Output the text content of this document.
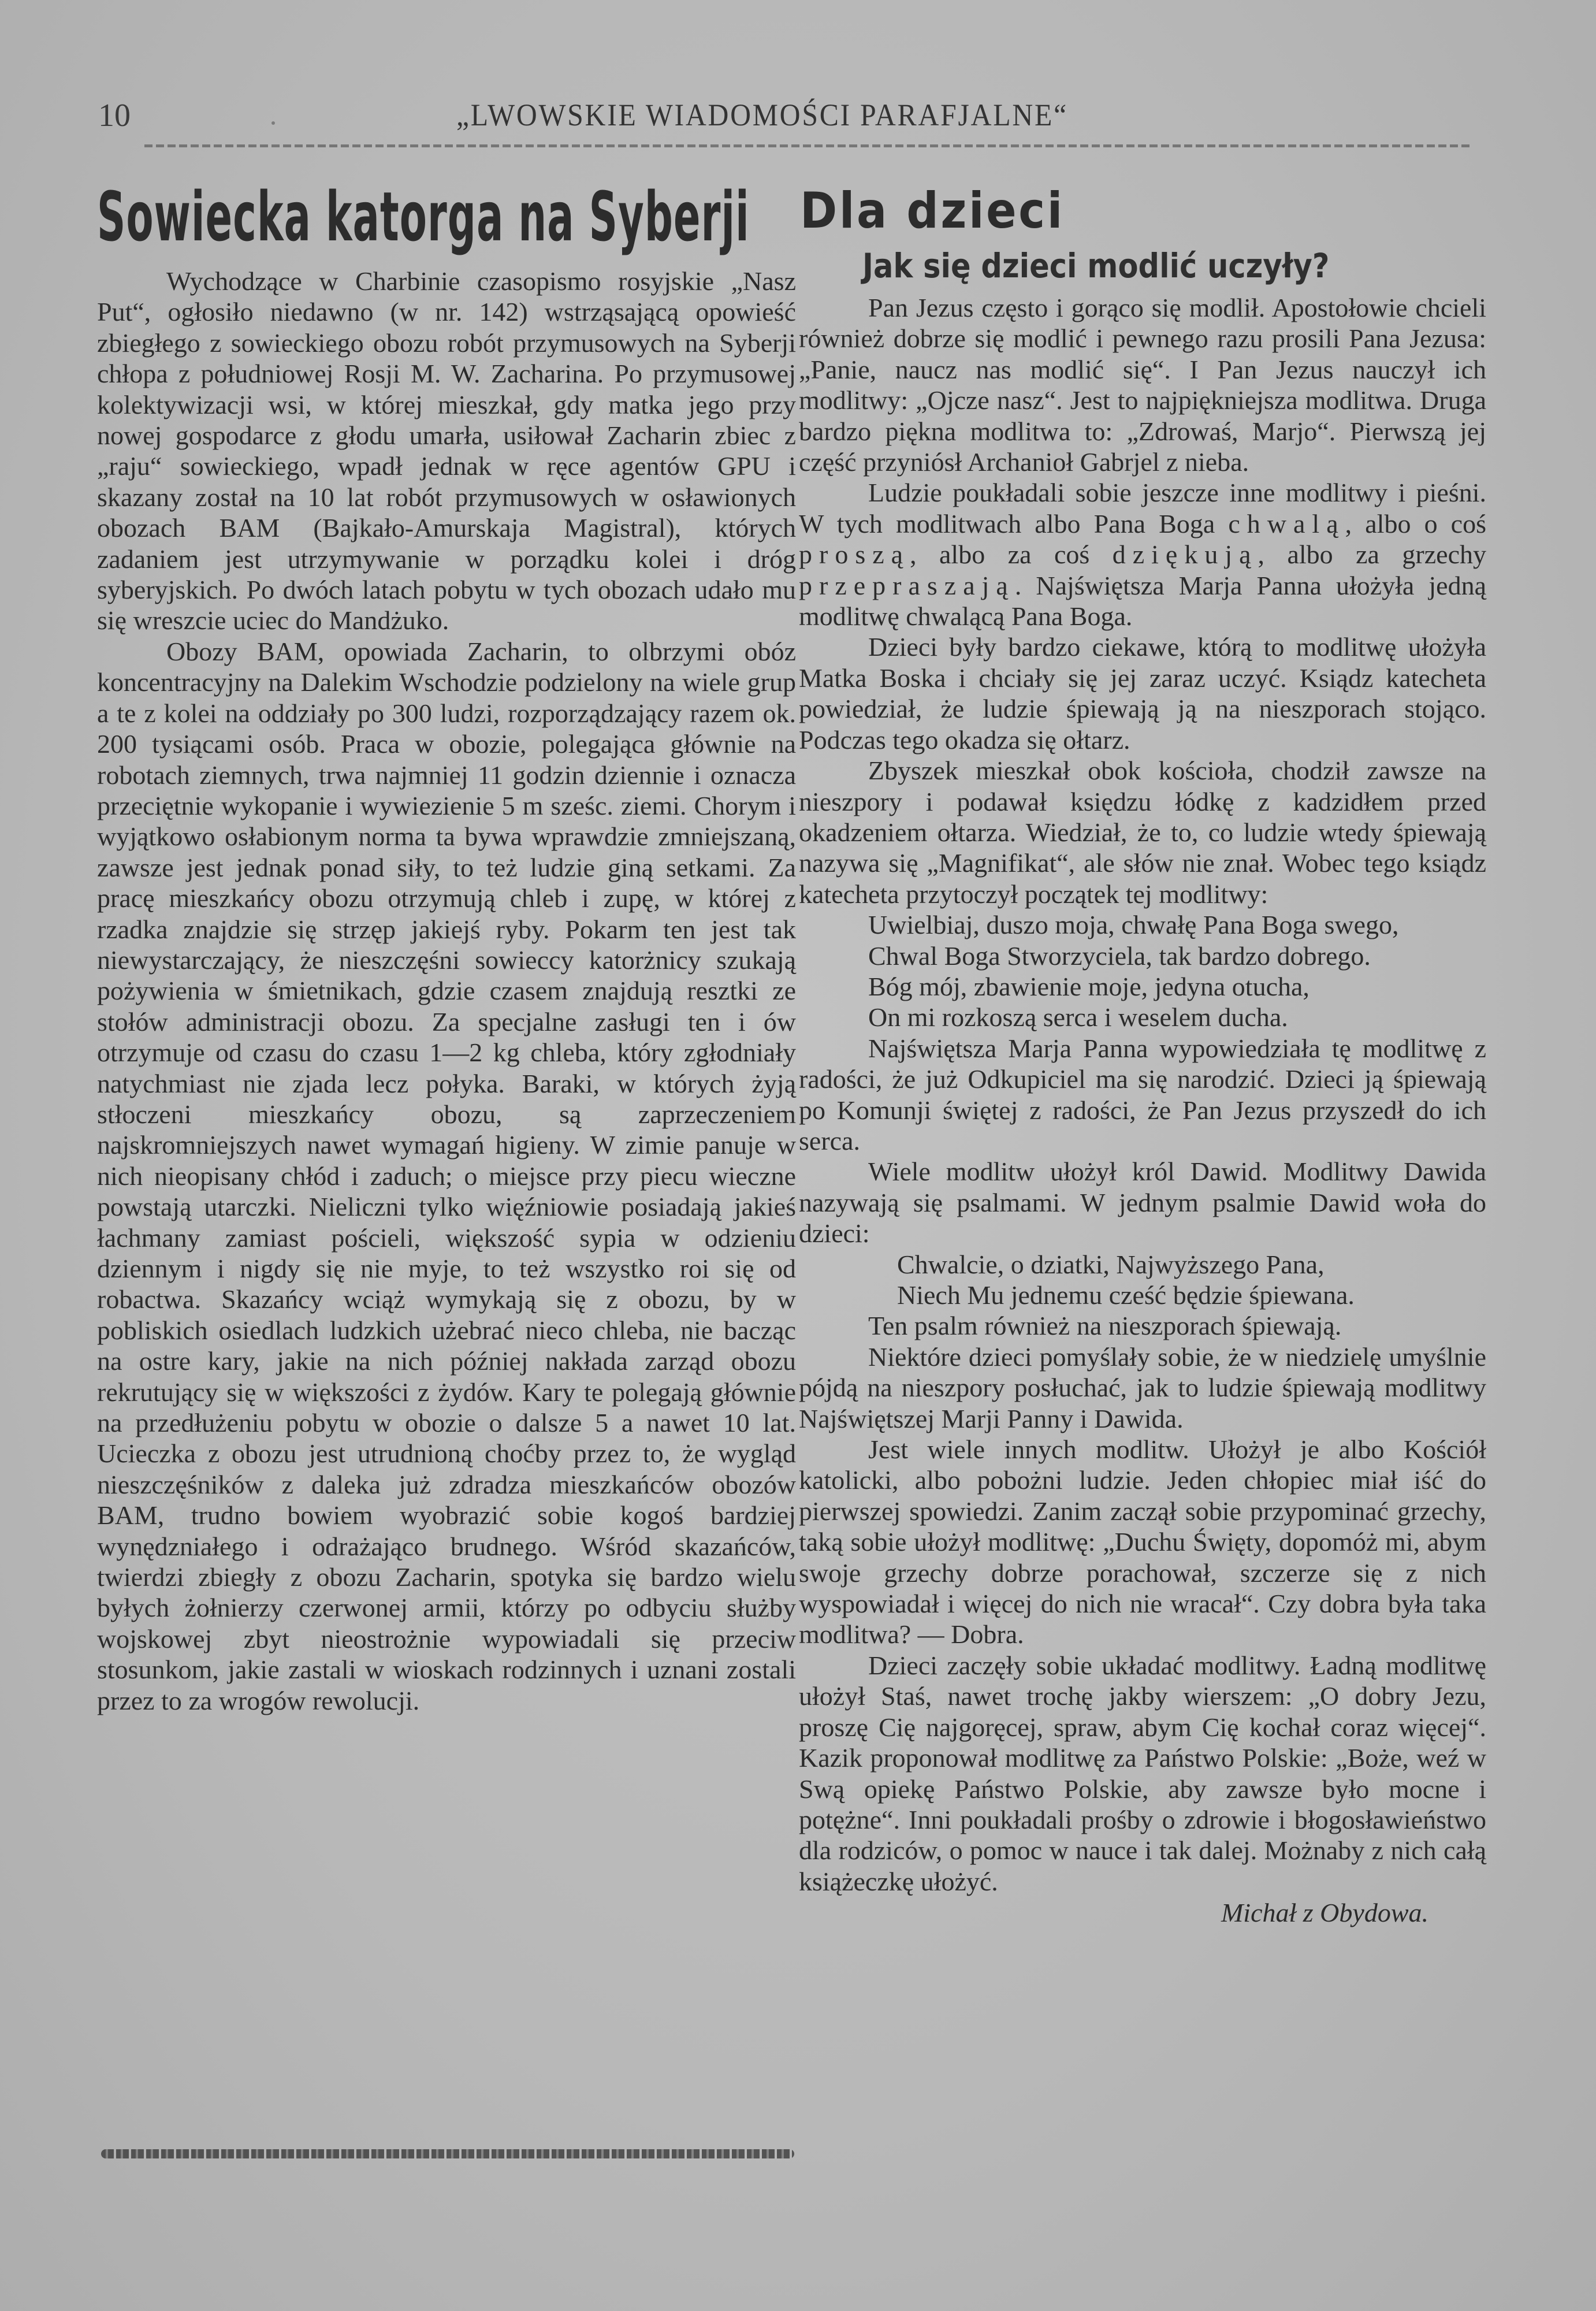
10	„LWOWSKIE WIADOMOŚCI PARAFJALNE“
Sowiecka katorga na Syberji

Wychodzące w Charbinie czasopismo rosyjskie „Nasz Put“, ogłosiło niedawno (w nr. 142) wstrząsającą opowieść zbiegłego z sowieckiego obozu robót przymusowych na Syberji chłopa z południowej Rosji M. W. Zacharina. Po przymusowej kolektywizacji wsi, w której mieszkał, gdy matka jego przy nowej gospodarce z głodu umarła, usiłował Zacharin zbiec z „raju“ sowieckiego, wpadł jednak w ręce agentów GPU i skazany został na 10 lat robót przymusowych w osławionych obozach BAM (Bajkało-Amurskaja Magistral), których zadaniem jest utrzymywanie w porządku kolei i dróg syberyjskich. Po dwóch latach pobytu w tych obozach udało mu się wreszcie uciec do Mandżuko.

Obozy BAM, opowiada Zacharin, to olbrzymi obóz koncentracyjny na Dalekim Wschodzie podzielony na wiele grup a te z kolei na oddziały po 300 ludzi, rozporządzający razem ok. 200 tysiącami osób. Praca w obozie, polegająca głównie na robotach ziemnych, trwa najmniej 11 godzin dziennie i oznacza przeciętnie wykopanie i wywiezienie 5 m sześc. ziemi. Chorym i wyjątkowo osłabionym norma ta bywa wprawdzie zmniejszaną, zawsze jest jednak ponad siły, to też ludzie giną setkami. Za pracę mieszkańcy obozu otrzymują chleb i zupę, w której z rzadka znajdzie się strzęp jakiejś ryby. Pokarm ten jest tak niewystarczający, że nieszczęśni sowieccy katorżnicy szukają pożywienia w śmietnikach, gdzie czasem znajdują resztki ze stołów administracji obozu. Za specjalne zasługi ten i ów otrzymuje od czasu do czasu 1—2 kg chleba, który zgłodniały natychmiast nie zjada lecz połyka. Baraki, w których żyją stłoczeni mieszkańcy obozu, są zaprzeczeniem najskromniejszych nawet wymagań higieny. W zimie panuje w nich nieopisany chłód i zaduch; o miejsce przy piecu wieczne powstają utarczki. Nieliczni tylko więźniowie posiadają jakieś łachmany zamiast pościeli, większość sypia w odzieniu dziennym i nigdy się nie myje, to też wszystko roi się od robactwa. Skazańcy wciąż wymykają się z obozu, by w pobliskich osiedlach ludzkich użebrać nieco chleba, nie bacząc na ostre kary, jakie na nich później nakłada zarząd obozu rekrutujący się w większości z żydów. Kary te polegają głównie na przedłużeniu pobytu w obozie o dalsze 5 a nawet 10 lat. Ucieczka z obozu jest utrudnioną choćby przez to, że wygląd nieszczęśników z daleka już zdradza mieszkańców obozów BAM, trudno bowiem wyobrazić sobie kogoś bardziej wynędzniałego i odrażająco brudnego. Wśród skazańców, twierdzi zbiegły z obozu Zacharin, spotyka się bardzo wielu byłych żołnierzy czerwonej armii, którzy po odbyciu służby wojskowej zbyt nieostrożnie wypowiadali się przeciw stosunkom, jakie zastali w wioskach rodzinnych i uznani zostali przez to za wrogów rewolucji.

Dla dzieci
Jak się dzieci modlić uczyły?

Pan Jezus często i gorąco się modlił. Apostołowie chcieli również dobrze się modlić i pewnego razu prosili Pana Jezusa: „Panie, naucz nas modlić się“. I Pan Jezus nauczył ich modlitwy: „Ojcze nasz“. Jest to najpiękniejsza modlitwa. Druga bardzo piękna modlitwa to: „Zdrowaś, Marjo“. Pierwszą jej część przyniósł Archanioł Gabrjel z nieba.

Ludzie poukładali sobie jeszcze inne modlitwy i pieśni. W tych modlitwach albo Pana Boga chwalą, albo o coś proszą, albo za coś dziękują, albo za grzechy przepraszają. Najświętsza Marja Panna ułożyła jedną modlitwę chwalącą Pana Boga.

Dzieci były bardzo ciekawe, którą to modlitwę ułożyła Matka Boska i chciały się jej zaraz uczyć. Ksiądz katecheta powiedział, że ludzie śpiewają ją na nieszporach stojąco. Podczas tego okadza się ołtarz.

Zbyszek mieszkał obok kościoła, chodził zawsze na nieszpory i podawał księdzu łódkę z kadzidłem przed okadzeniem ołtarza. Wiedział, że to, co ludzie wtedy śpiewają nazywa się „Magnifikat“, ale słów nie znał. Wobec tego ksiądz katecheta przytoczył początek tej modlitwy:

Uwielbiaj, duszo moja, chwałę Pana Boga swego,

Chwal Boga Stworzyciela, tak bardzo dobrego.

Bóg mój, zbawienie moje, jedyna otucha,

On mi rozkoszą serca i weselem ducha.

Najświętsza Marja Panna wypowiedziała tę modlitwę z radości, że już Odkupiciel ma się narodzić. Dzieci ją śpiewają po Komunji świętej z radości, że Pan Jezus przyszedł do ich serca.

Wiele modlitw ułożył król Dawid. Modlitwy Dawida nazywają się psalmami. W jednym psalmie Dawid woła do dzieci:

Chwalcie, o dziatki, Najwyższego Pana,

Niech Mu jednemu cześć będzie śpiewana.

Ten psalm również na nieszporach śpiewają.

Niektóre dzieci pomyślały sobie, że w niedzielę umyślnie pójdą na nieszpory posłuchać, jak to ludzie śpiewają modlitwy Najświętszej Marji Panny i Dawida.

Jest wiele innych modlitw. Ułożył je albo Kościół katolicki, albo pobożni ludzie. Jeden chłopiec miał iść do pierwszej spowiedzi. Zanim zaczął sobie przypominać grzechy, taką sobie ułożył modlitwę: „Duchu Święty, dopomóż mi, abym swoje grzechy dobrze porachował, szczerze się z nich wyspowiadał i więcej do nich nie wracał“. Czy dobra była taka modlitwa? — Dobra.

Dzieci zaczęły sobie układać modlitwy. Ładną modlitwę ułożył Staś, nawet trochę jakby wierszem: „O dobry Jezu, proszę Cię najgoręcej, spraw, abym Cię kochał coraz więcej“. Kazik proponował modlitwę za Państwo Polskie: „Boże, weź w Swą opiekę Państwo Polskie, aby zawsze było mocne i potężne“. Inni poukładali prośby o zdrowie i błogosławieństwo dla rodziców, o pomoc w nauce i tak dalej. Możnaby z nich całą książeczkę ułożyć.

Michał z Obydowa.
